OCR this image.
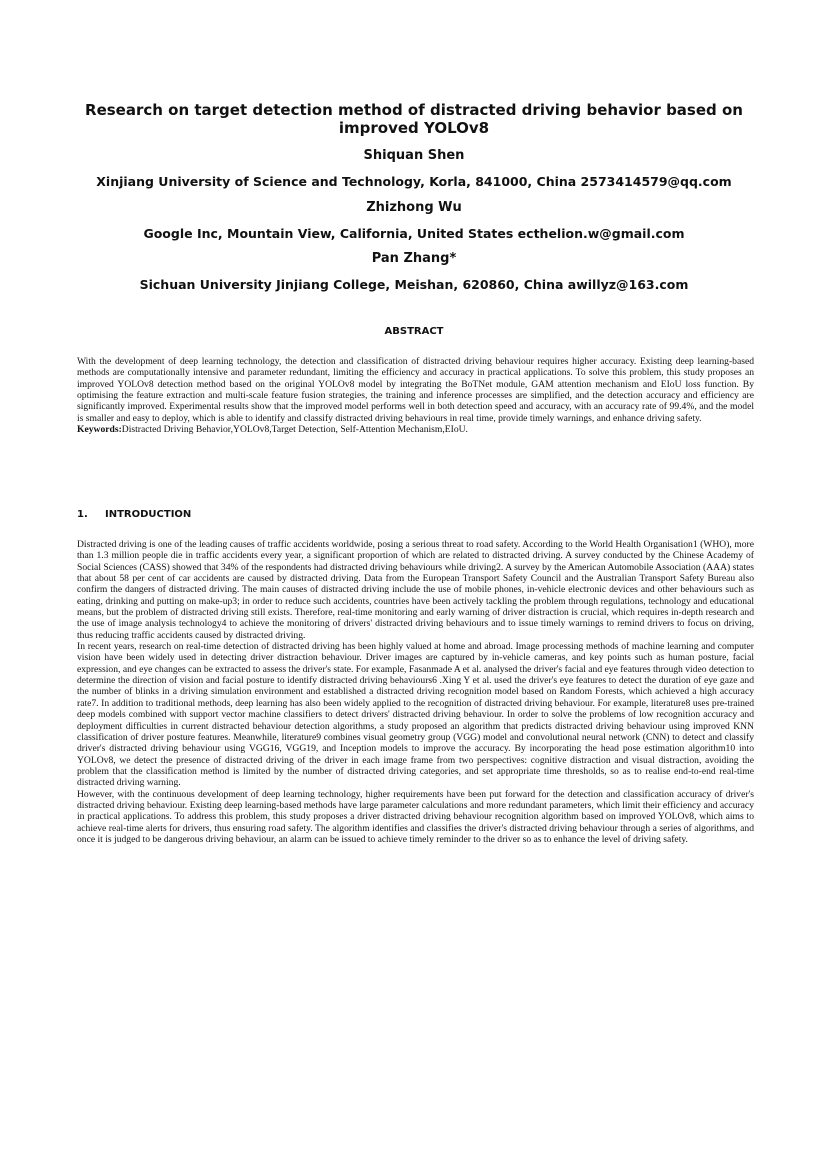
Research on target detection method of distracted driving behavior based on improved YOLOv8
Shiquan Shen
Xinjiang University of Science and Technology, Korla, 841000, China 2573414579@qq.com
Zhizhong Wu
Google Inc, Mountain View, California, United States ecthelion.w@gmail.com
Pan Zhang*
Sichuan University Jinjiang College, Meishan, 620860, China awillyz@163.com
ABSTRACT

With the development of deep learning technology, the detection and classification of distracted driving behaviour requires higher accuracy. Existing deep learning-based methods are computationally intensive and parameter redundant, limiting the efficiency and accuracy in practical applications. To solve this problem, this study proposes an improved YOLOv8 detection method based on the original YOLOv8 model by integrating the BoTNet module, GAM attention mechanism and EIoU loss function. By optimising the feature extraction and multi-scale feature fusion strategies, the training and inference processes are simplified, and the detection accuracy and efficiency are significantly improved. Experimental results show that the improved model performs well in both detection speed and accuracy, with an accuracy rate of 99.4%, and the model is smaller and easy to deploy, which is able to identify and classify distracted driving behaviours in real time, provide timely warnings, and enhance driving safety.

Keywords:Distracted Driving Behavior,YOLOv8,Target Detection, Self-Attention Mechanism,EIoU.

1. INTRODUCTION

Distracted driving is one of the leading causes of traffic accidents worldwide, posing a serious threat to road safety. According to the World Health Organisation1 (WHO), more than 1.3 million people die in traffic accidents every year, a significant proportion of which are related to distracted driving. A survey conducted by the Chinese Academy of Social Sciences (CASS) showed that 34% of the respondents had distracted driving behaviours while driving2. A survey by the American Automobile Association (AAA) states that about 58 per cent of car accidents are caused by distracted driving. Data from the European Transport Safety Council and the Australian Transport Safety Bureau also confirm the dangers of distracted driving. The main causes of distracted driving include the use of mobile phones, in-vehicle electronic devices and other behaviours such as eating, drinking and putting on make-up3; in order to reduce such accidents, countries have been actively tackling the problem through regulations, technology and educational means, but the problem of distracted driving still exists. Therefore, real-time monitoring and early warning of driver distraction is crucial, which requires in-depth research and the use of image analysis technology4 to achieve the monitoring of drivers' distracted driving behaviours and to issue timely warnings to remind drivers to focus on driving, thus reducing traffic accidents caused by distracted driving.

In recent years, research on real-time detection of distracted driving has been highly valued at home and abroad. Image processing methods of machine learning and computer vision have been widely used in detecting driver distraction behaviour. Driver images are captured by in-vehicle cameras, and key points such as human posture, facial expression, and eye changes can be extracted to assess the driver's state. For example, Fasanmade A et al. analysed the driver's facial and eye features through video detection to determine the direction of vision and facial posture to identify distracted driving behaviours6 .Xing Y et al. used the driver's eye features to detect the duration of eye gaze and the number of blinks in a driving simulation environment and established a distracted driving recognition model based on Random Forests, which achieved a high accuracy rate7. In addition to traditional methods, deep learning has also been widely applied to the recognition of distracted driving behaviour. For example, literature8 uses pre-trained deep models combined with support vector machine classifiers to detect drivers' distracted driving behaviour. In order to solve the problems of low recognition accuracy and deployment difficulties in current distracted behaviour detection algorithms, a study proposed an algorithm that predicts distracted driving behaviour using improved KNN classification of driver posture features. Meanwhile, literature9 combines visual geometry group (VGG) model and convolutional neural network (CNN) to detect and classify driver's distracted driving behaviour using VGG16, VGG19, and Inception models to improve the accuracy. By incorporating the head pose estimation algorithm10 into YOLOv8, we detect the presence of distracted driving of the driver in each image frame from two perspectives: cognitive distraction and visual distraction, avoiding the problem that the classification method is limited by the number of distracted driving categories, and set appropriate time thresholds, so as to realise end-to-end real-time distracted driving warning.

However, with the continuous development of deep learning technology, higher requirements have been put forward for the detection and classification accuracy of driver's distracted driving behaviour. Existing deep learning-based methods have large parameter calculations and more redundant parameters, which limit their efficiency and accuracy in practical applications. To address this problem, this study proposes a driver distracted driving behaviour recognition algorithm based on improved YOLOv8, which aims to achieve real-time alerts for drivers, thus ensuring road safety. The algorithm identifies and classifies the driver's distracted driving behaviour through a series of algorithms, and once it is judged to be dangerous driving behaviour, an alarm can be issued to achieve timely reminder to the driver so as to enhance the level of driving safety.
